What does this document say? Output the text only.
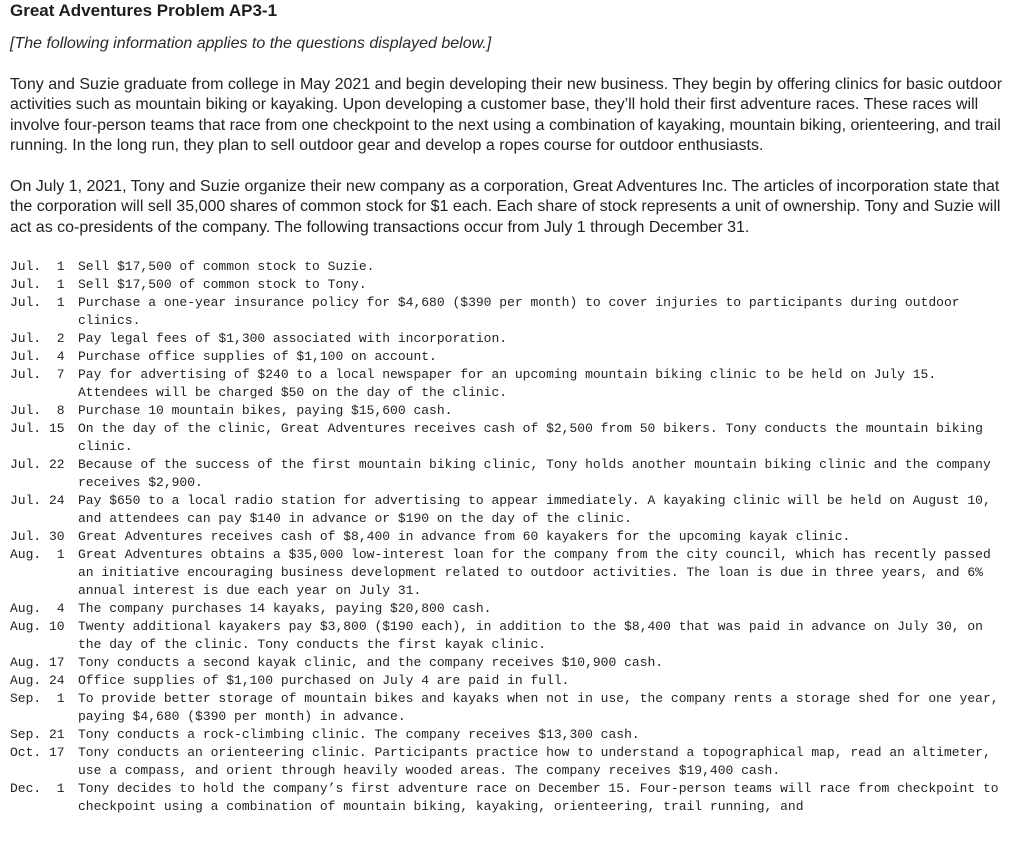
Great Adventures Problem AP3-1
[The following information applies to the questions displayed below.]

Tony and Suzie graduate from college in May 2021 and begin developing their new business. They begin by offering clinics for basic outdoor activities such as mountain biking or kayaking. Upon developing a customer base, they’ll hold their first adventure races. These races will involve four-person teams that race from one checkpoint to the next using a combination of kayaking, mountain biking, orienteering, and trail running. In the long run, they plan to sell outdoor gear and develop a ropes course for outdoor enthusiasts.

On July 1, 2021, Tony and Suzie organize their new company as a corporation, Great Adventures Inc. The articles of incorporation state that the corporation will sell 35,000 shares of common stock for $1 each. Each share of stock represents a unit of ownership. Tony and Suzie will act as co-presidents of the company. The following transactions occur from July 1 through December 31.

Jul.  1	Sell $17,500 of common stock to Suzie.
Jul.  1	Sell $17,500 of common stock to Tony.
Jul.  1	Purchase a one-year insurance policy for $4,680 ($390 per month) to cover injuries to participants during outdoor clinics.
Jul.  2	Pay legal fees of $1,300 associated with incorporation.
Jul.  4	Purchase office supplies of $1,100 on account.
Jul.  7	Pay for advertising of $240 to a local newspaper for an upcoming mountain biking clinic to be held on July 15. Attendees will be charged $50 on the day of the clinic.
Jul.  8	Purchase 10 mountain bikes, paying $15,600 cash.
Jul. 15	On the day of the clinic, Great Adventures receives cash of $2,500 from 50 bikers. Tony conducts the mountain biking clinic.
Jul. 22	Because of the success of the first mountain biking clinic, Tony holds another mountain biking clinic and the company receives $2,900.
Jul. 24	Pay $650 to a local radio station for advertising to appear immediately. A kayaking clinic will be held on August 10, and attendees can pay $140 in advance or $190 on the day of the clinic.
Jul. 30	Great Adventures receives cash of $8,400 in advance from 60 kayakers for the upcoming kayak clinic.
Aug.  1	Great Adventures obtains a $35,000 low-interest loan for the company from the city council, which has recently passed an initiative encouraging business development related to outdoor activities. The loan is due in three years, and 6% annual interest is due each year on July 31.
Aug.  4	The company purchases 14 kayaks, paying $20,800 cash.
Aug. 10	Twenty additional kayakers pay $3,800 ($190 each), in addition to the $8,400 that was paid in advance on July 30, on the day of the clinic. Tony conducts the first kayak clinic.
Aug. 17	Tony conducts a second kayak clinic, and the company receives $10,900 cash.
Aug. 24	Office supplies of $1,100 purchased on July 4 are paid in full.
Sep.  1	To provide better storage of mountain bikes and kayaks when not in use, the company rents a storage shed for one year, paying $4,680 ($390 per month) in advance.
Sep. 21	Tony conducts a rock-climbing clinic. The company receives $13,300 cash.
Oct. 17	Tony conducts an orienteering clinic. Participants practice how to understand a topographical map, read an altimeter, use a compass, and orient through heavily wooded areas. The company receives $19,400 cash.
Dec.  1	Tony decides to hold the company’s first adventure race on December 15. Four-person teams will race from checkpoint to checkpoint using a combination of mountain biking, kayaking, orienteering, trail running, and
